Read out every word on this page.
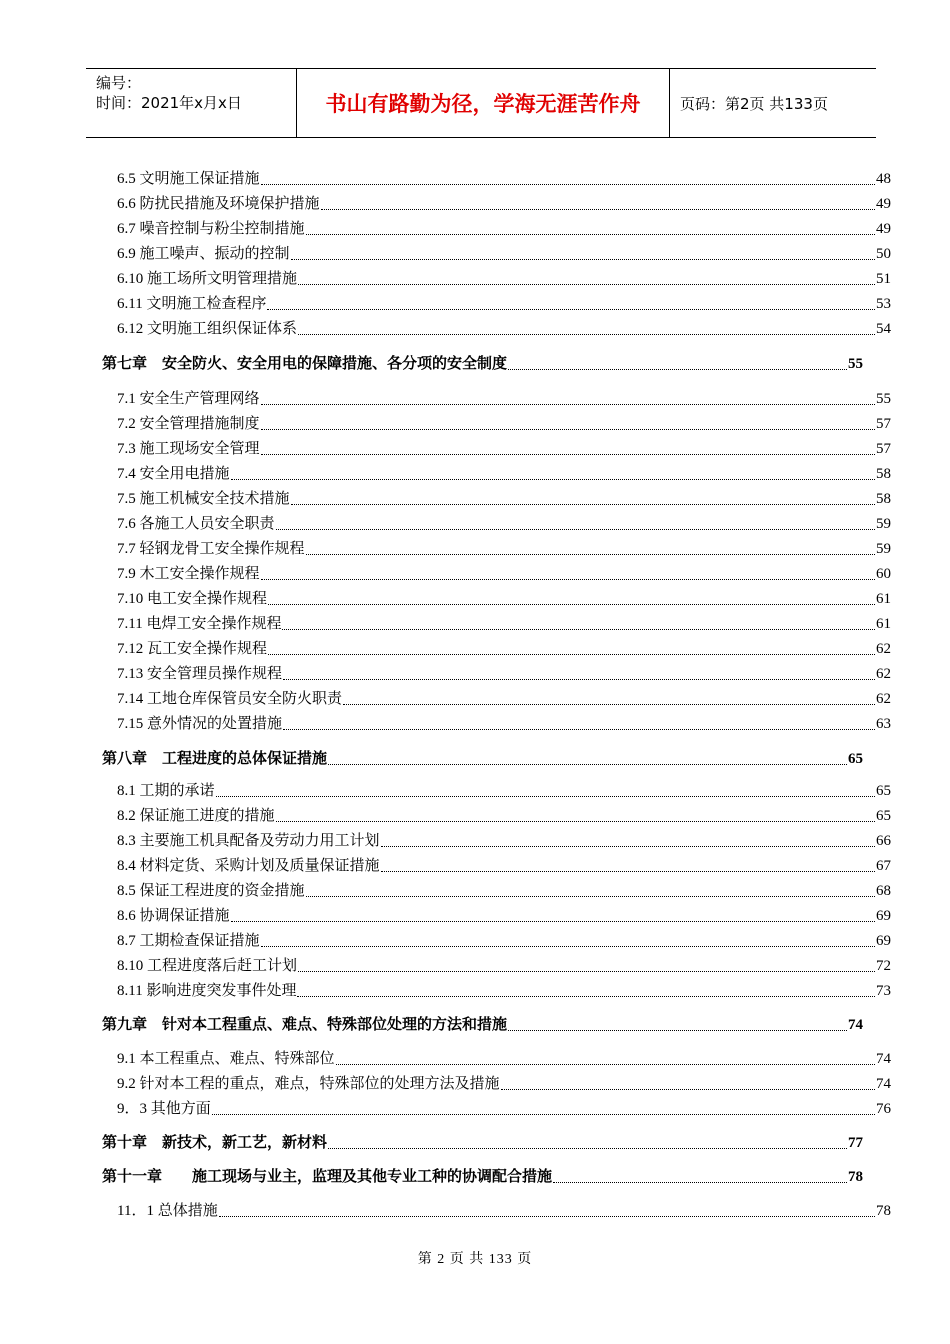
编号：
时间：2021年x月x日	书山有路勤为径，学海无涯苦作舟	页码：第2页 共133页
6.5 文明施工保证措施	48
6.6 防扰民措施及环境保护措施	49
6.7 噪音控制与粉尘控制措施	49
6.9 施工噪声、振动的控制	50
6.10 施工场所文明管理措施	51
6.11 文明施工检查程序	53
6.12 文明施工组织保证体系	54
第七章　安全防火、安全用电的保障措施、各分项的安全制度	55
7.1 安全生产管理网络	55
7.2 安全管理措施制度	57
7.3 施工现场安全管理	57
7.4 安全用电措施	58
7.5 施工机械安全技术措施	58
7.6 各施工人员安全职责	59
7.7 轻钢龙骨工安全操作规程	59
7.9 木工安全操作规程	60
7.10 电工安全操作规程	61
7.11 电焊工安全操作规程	61
7.12 瓦工安全操作规程	62
7.13 安全管理员操作规程	62
7.14 工地仓库保管员安全防火职责	62
7.15 意外情况的处置措施	63
第八章　工程进度的总体保证措施	65
8.1 工期的承诺	65
8.2 保证施工进度的措施	65
8.3 主要施工机具配备及劳动力用工计划	66
8.4 材料定货、采购计划及质量保证措施	67
8.5 保证工程进度的资金措施	68
8.6 协调保证措施	69
8.7 工期检查保证措施	69
8.10 工程进度落后赶工计划	72
8.11 影响进度突发事件处理	73
第九章　针对本工程重点、难点、特殊部位处理的方法和措施	74
9.1 本工程重点、难点、特殊部位	74
9.2 针对本工程的重点，难点，特殊部位的处理方法及措施	74
9．3 其他方面	76
第十章　新技术，新工艺，新材料	77
第十一章　　施工现场与业主，监理及其他专业工种的协调配合措施	78
11．1 总体措施	78
第 2 页 共 133 页
